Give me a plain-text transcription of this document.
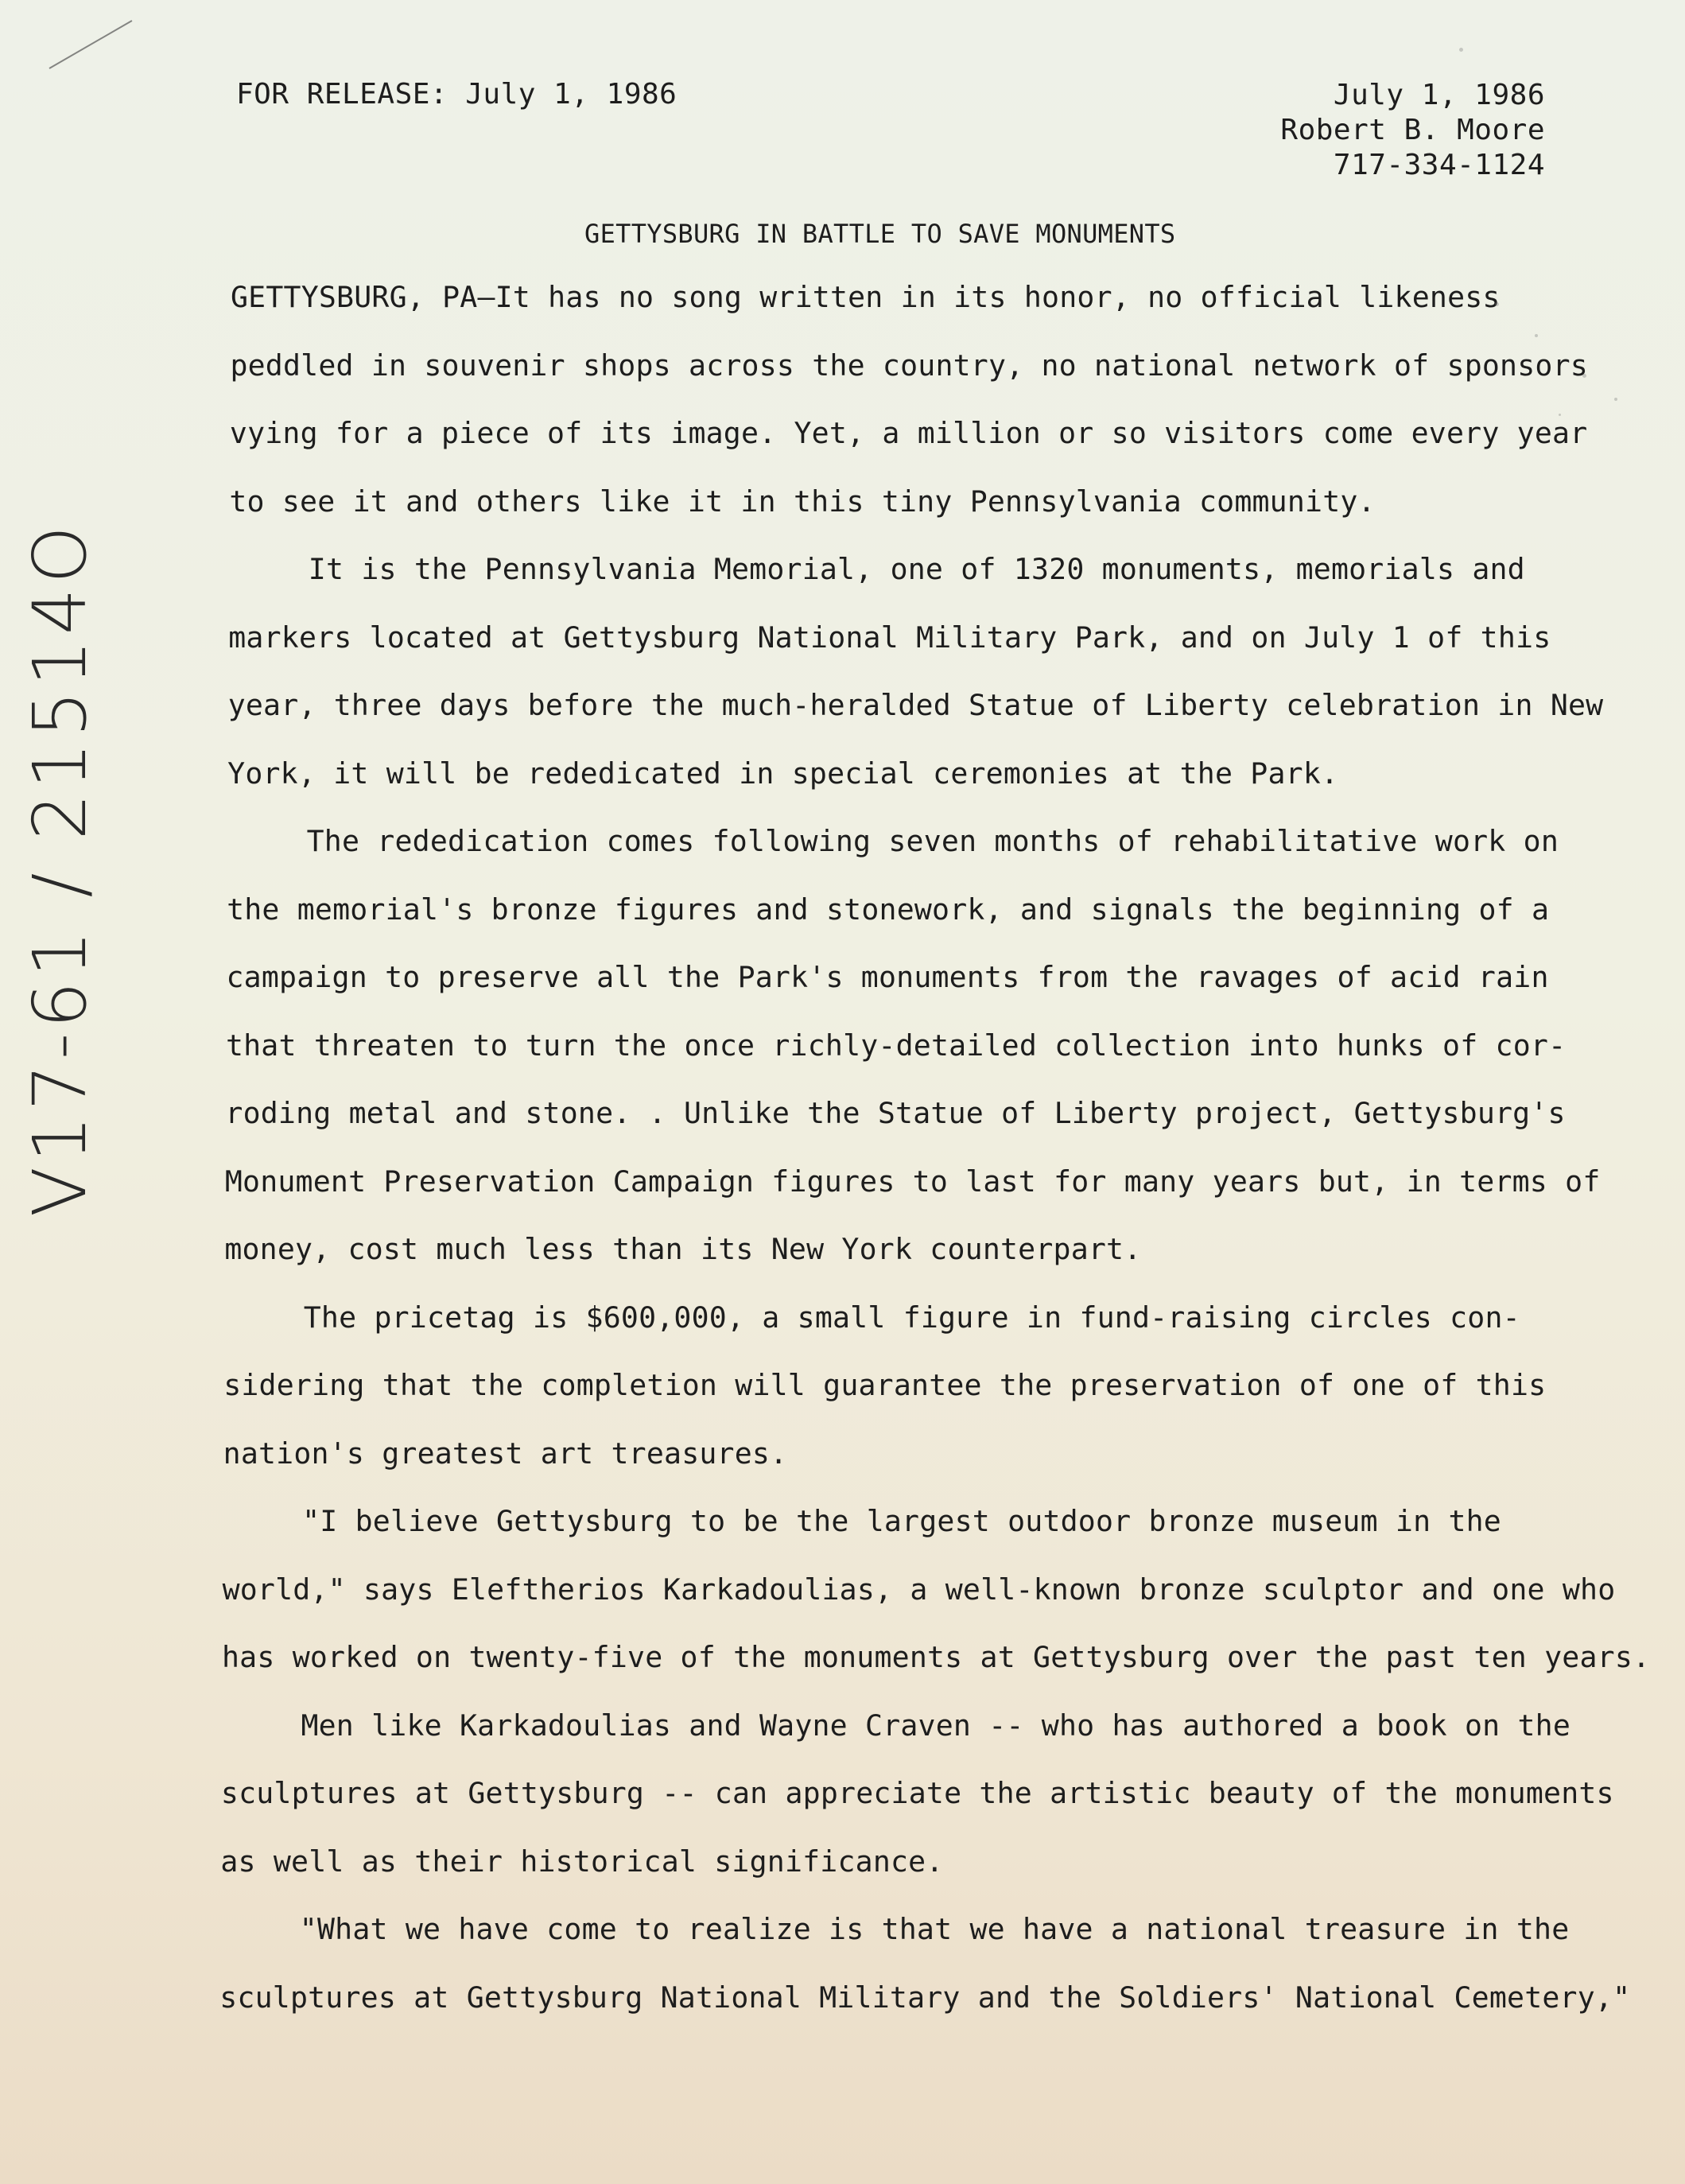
FOR RELEASE: July 1, 1986	July 1, 1986
Robert B. Moore
717-334-1124
GETTYSBURG IN BATTLE TO SAVE MONUMENTS
V17-61 / 21514O
GETTYSBURG, PA—It has no song written in its honor, no official likeness
peddled in souvenir shops across the country, no national network of sponsors
vying for a piece of its image. Yet, a million or so visitors come every year
to see it and others like it in this tiny Pennsylvania community.
It is the Pennsylvania Memorial, one of 1320 monuments, memorials and
markers located at Gettysburg National Military Park, and on July 1 of this
year, three days before the much-heralded Statue of Liberty celebration in New
York, it will be rededicated in special ceremonies at the Park.
The rededication comes following seven months of rehabilitative work on
the memorial's bronze figures and stonework, and signals the beginning of a
campaign to preserve all the Park's monuments from the ravages of acid rain
that threaten to turn the once richly-detailed collection into hunks of cor-
roding metal and stone. . Unlike the Statue of Liberty project, Gettysburg's
Monument Preservation Campaign figures to last for many years but, in terms of
money, cost much less than its New York counterpart.
The pricetag is $600,000, a small figure in fund-raising circles con-
sidering that the completion will guarantee the preservation of one of this
nation's greatest art treasures.
"I believe Gettysburg to be the largest outdoor bronze museum in the
world," says Eleftherios Karkadoulias, a well-known bronze sculptor and one who
has worked on twenty-five of the monuments at Gettysburg over the past ten years.
Men like Karkadoulias and Wayne Craven -- who has authored a book on the
sculptures at Gettysburg -- can appreciate the artistic beauty of the monuments
as well as their historical significance.
"What we have come to realize is that we have a national treasure in the
sculptures at Gettysburg National Military and the Soldiers' National Cemetery,"
